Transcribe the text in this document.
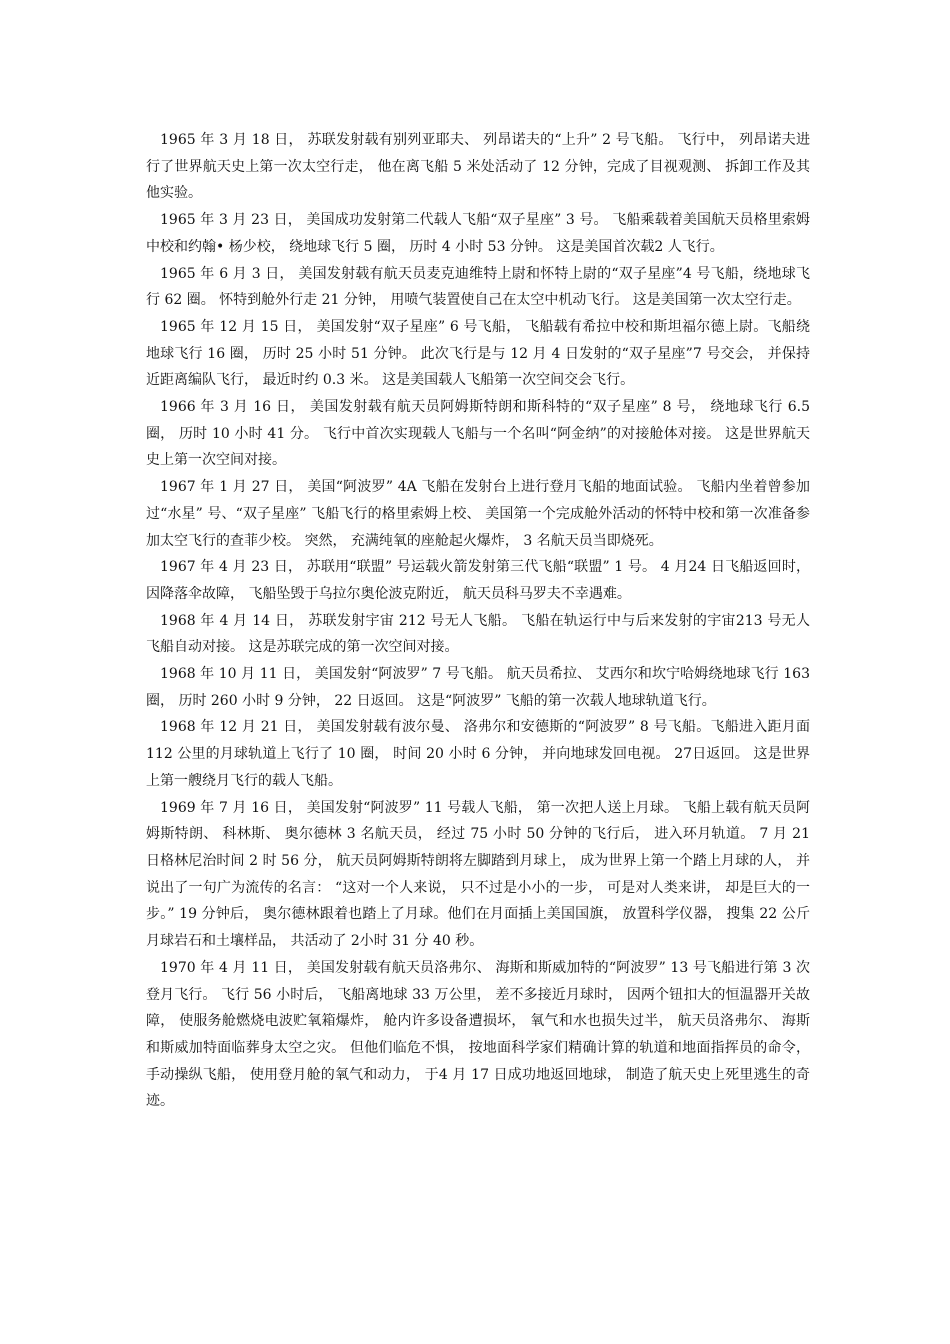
1965 年 3 月 18 日， 苏联发射载有别列亚耶夫、 列昂诺夫的“上升” 2 号飞船。 飞行中， 列昂诺夫进行了世界航天史上第一次太空行走， 他在离飞船 5 米处活动了 12 分钟，完成了目视观测、 拆卸工作及其他实验。

1965 年 3 月 23 日， 美国成功发射第二代载人飞船“双子星座” 3 号。 飞船乘载着美国航天员格里索姆中校和约翰• 杨少校， 绕地球飞行 5 圈， 历时 4 小时 53 分钟。 这是美国首次载2 人飞行。

1965 年 6 月 3 日， 美国发射载有航天员麦克迪维特上尉和怀特上尉的“双子星座”4 号飞船，绕地球飞行 62 圈。 怀特到舱外行走 21 分钟， 用喷气装置使自己在太空中机动飞行。 这是美国第一次太空行走。

1965 年 12 月 15 日， 美国发射“双子星座” 6 号飞船， 飞船载有希拉中校和斯坦福尔德上尉。飞船绕地球飞行 16 圈， 历时 25 小时 51 分钟。 此次飞行是与 12 月 4 日发射的“双子星座”7 号交会， 并保持近距离编队飞行， 最近时约 0.3 米。 这是美国载人飞船第一次空间交会飞行。

1966 年 3 月 16 日， 美国发射载有航天员阿姆斯特朗和斯科特的“双子星座” 8 号， 绕地球飞行 6.5 圈， 历时 10 小时 41 分。 飞行中首次实现载人飞船与一个名叫“阿金纳”的对接舱体对接。 这是世界航天史上第一次空间对接。

1967 年 1 月 27 日， 美国“阿波罗” 4A 飞船在发射台上进行登月飞船的地面试验。 飞船内坐着曾参加过“水星” 号、“双子星座” 飞船飞行的格里索姆上校、 美国第一个完成舱外活动的怀特中校和第一次准备参加太空飞行的查菲少校。 突然， 充满纯氧的座舱起火爆炸， 3 名航天员当即烧死。

1967 年 4 月 23 日， 苏联用“联盟” 号运载火箭发射第三代飞船“联盟” 1 号。 4 月24 日飞船返回时， 因降落伞故障， 飞船坠毁于乌拉尔奥伦波克附近， 航天员科马罗夫不幸遇难。

1968 年 4 月 14 日， 苏联发射宇宙 212 号无人飞船。 飞船在轨运行中与后来发射的宇宙213 号无人飞船自动对接。 这是苏联完成的第一次空间对接。

1968 年 10 月 11 日， 美国发射“阿波罗” 7 号飞船。 航天员希拉、 艾西尔和坎宁哈姆绕地球飞行 163 圈， 历时 260 小时 9 分钟， 22 日返回。 这是“阿波罗” 飞船的第一次载人地球轨道飞行。

1968 年 12 月 21 日， 美国发射载有波尔曼、 洛弗尔和安德斯的“阿波罗” 8 号飞船。飞船进入距月面 112 公里的月球轨道上飞行了 10 圈， 时间 20 小时 6 分钟， 并向地球发回电视。 27日返回。 这是世界上第一艘绕月飞行的载人飞船。

1969 年 7 月 16 日， 美国发射“阿波罗” 11 号载人飞船， 第一次把人送上月球。 飞船上载有航天员阿姆斯特朗、 科林斯、 奥尔德林 3 名航天员， 经过 75 小时 50 分钟的飞行后， 进入环月轨道。 7 月 21 日格林尼治时间 2 时 56 分， 航天员阿姆斯特朗将左脚踏到月球上， 成为世界上第一个踏上月球的人， 并说出了一句广为流传的名言： “这对一个人来说， 只不过是小小的一步， 可是对人类来讲， 却是巨大的一步。” 19 分钟后， 奥尔德林跟着也踏上了月球。他们在月面插上美国国旗， 放置科学仪器， 搜集 22 公斤月球岩石和土壤样品， 共活动了 2小时 31 分 40 秒。

1970 年 4 月 11 日， 美国发射载有航天员洛弗尔、 海斯和斯威加特的“阿波罗” 13 号飞船进行第 3 次登月飞行。 飞行 56 小时后， 飞船离地球 33 万公里， 差不多接近月球时， 因两个钮扣大的恒温器开关故障， 使服务舱燃烧电波贮氧箱爆炸， 舱内许多设备遭损坏， 氧气和水也损失过半， 航天员洛弗尔、 海斯和斯威加特面临葬身太空之灾。 但他们临危不惧， 按地面科学家们精确计算的轨道和地面指挥员的命令， 手动操纵飞船， 使用登月舱的氧气和动力， 于4 月 17 日成功地返回地球， 制造了航天史上死里逃生的奇迹。
